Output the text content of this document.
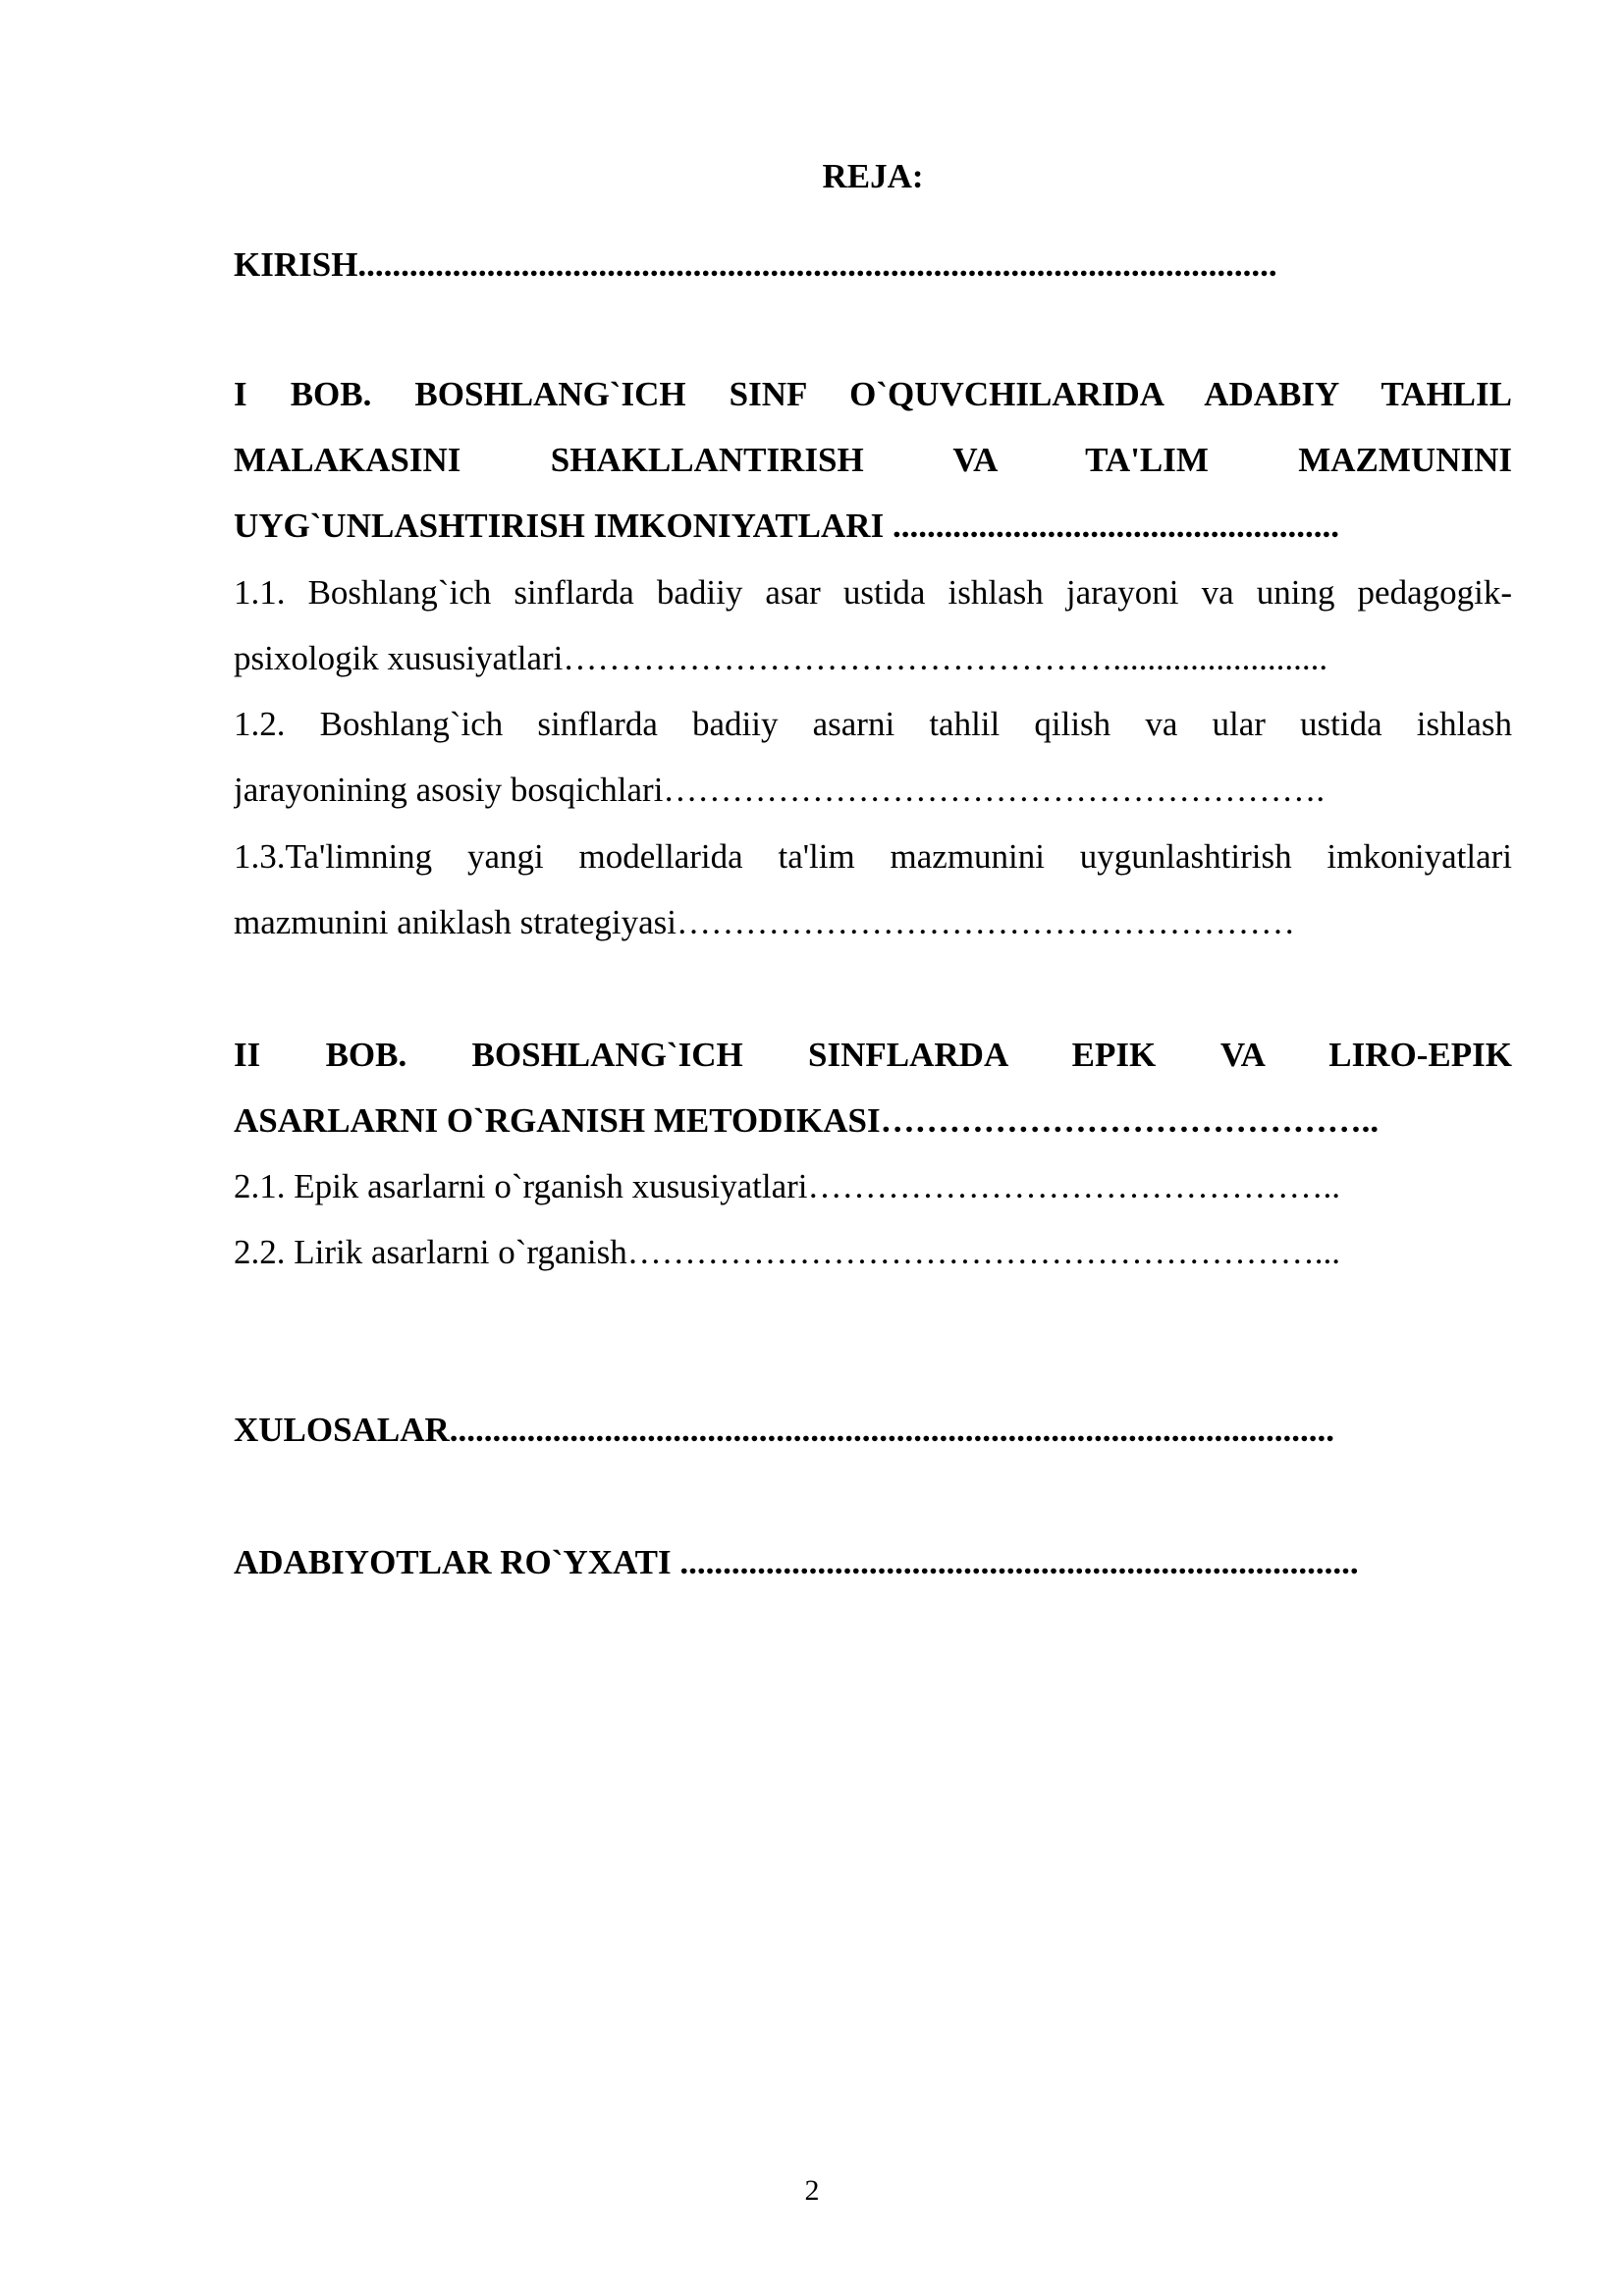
REJA:
KIRISH...........................................................................................................
I BOB. BOSHLANG`ICH SINF O`QUVCHILARIDA ADABIY TAHLIL
MALAKASINI SHAKLLANTIRISH VA TA'LIM MAZMUNINI
UYG`UNLASHTIRISH IMKONIYATLARI ....................................................
1.1. Boshlang`ich sinflarda badiiy asar ustida ishlash jarayoni va uning pedagogik-
psixologik xususiyatlari………………………………………….........................
1.2. Boshlang`ich sinflarda badiiy asarni tahlil qilish va ular ustida ishlash
jarayonining asosiy bosqichlari………………………………………………….
1.3.Ta'limning yangi modellarida ta'lim mazmunini uygunlashtirish imkoniyatlari
mazmunini aniklash strategiyasi………………………………………………
II BOB. BOSHLANG`ICH SINFLARDA EPIK VA LIRO-EPIK
ASARLARNI O`RGANISH METODIKASI……………………………………..
2.1. Epik asarlarni o`rganish xususiyatlari………………………………………..
2.2. Lirik asarlarni o`rganish……………………………………………………...
XULOSALAR.......................................................................................................
ADABIYOTLAR RO`YXATI ...............................................................................
2
